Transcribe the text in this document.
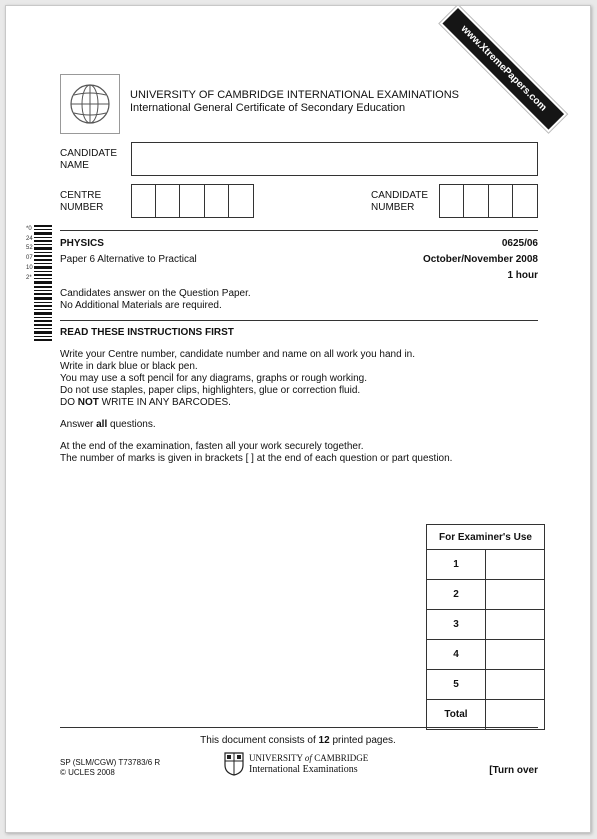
www.XtremePapers.com
UNIVERSITY OF CAMBRIDGE INTERNATIONAL EXAMINATIONS
International General Certificate of Secondary Education
CANDIDATE
NAME
CENTRE
NUMBER
CANDIDATE
NUMBER
*0245207102*
PHYSICS	0625/06
Paper 6 Alternative to Practical	October/November 2008
1 hour
Candidates answer on the Question Paper.
No Additional Materials are required.
READ THESE INSTRUCTIONS FIRST
Write your Centre number, candidate number and name on all work you hand in.
Write in dark blue or black pen.
You may use a soft pencil for any diagrams, graphs or rough working.
Do not use staples, paper clips, highlighters, glue or correction fluid.
DO NOT WRITE IN ANY BARCODES.
Answer all questions.
At the end of the examination, fasten all your work securely together.
The number of marks is given in brackets [ ] at the end of each question or part question.
For Examiner's Use	
1	
2	
3	
4	
5	
Total	
This document consists of 12 printed pages.
SP (SLM/CGW) T73783/6 R
© UCLES 2008
UNIVERSITY of CAMBRIDGE
International Examinations	[Turn over
